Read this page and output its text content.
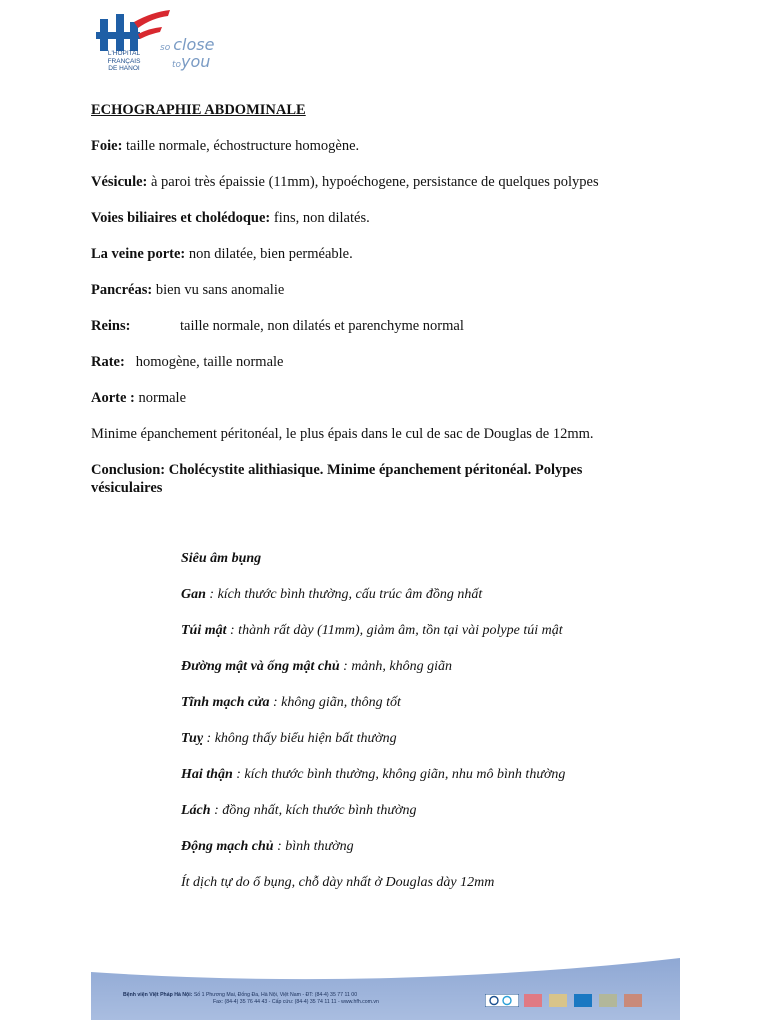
L'HÔPITAL
FRANÇAIS
DE HANOI
so close
toyou
ECHOGRAPHIE ABDOMINALE
Foie: taille normale, échostructure homogène.
Vésicule: à paroi très épaissie (11mm), hypoéchogene, persistance de quelques polypes
Voies biliaires et cholédoque: fins, non dilatés.
La veine porte: non dilatée, bien perméable.
Pancréas: bien vu sans anomalie
Reins:	taille normale, non dilatés et parenchyme normal
Rate:   homogène, taille normale
Aorte : normale
Minime épanchement péritonéal, le plus épais dans le cul de sac de Douglas de 12mm.
Conclusion: Cholécystite alithiasique. Minime épanchement péritonéal. Polypes vésiculaires
Siêu âm bụng
Gan : kích thước bình thường, cấu trúc âm đồng nhất
Túi mật : thành rất dày (11mm), giảm âm, tồn tại vài polype túi mật
Đường mật và ống mật chủ : mảnh, không giãn
Tĩnh mạch cửa : không giãn, thông tốt
Tuỵ : không thấy biểu hiện bất thường
Hai thận : kích thước bình thường, không giãn, nhu mô bình thường
Lách : đồng nhất, kích thước bình thường
Động mạch chủ : bình thường
Ít dịch tự do ổ bụng, chỗ dày nhất ở Douglas dày 12mm
Bệnh viện Việt Pháp Hà Nội: Số 1 Phương Mai, Đống Đa, Hà Nội, Việt Nam - ĐT: (84-4) 35 77 11 00
Fax: (84-4) 35 76 44 43 - Cấp cứu: (84-4) 35 74 11 11 - www.hfh.com.vn
